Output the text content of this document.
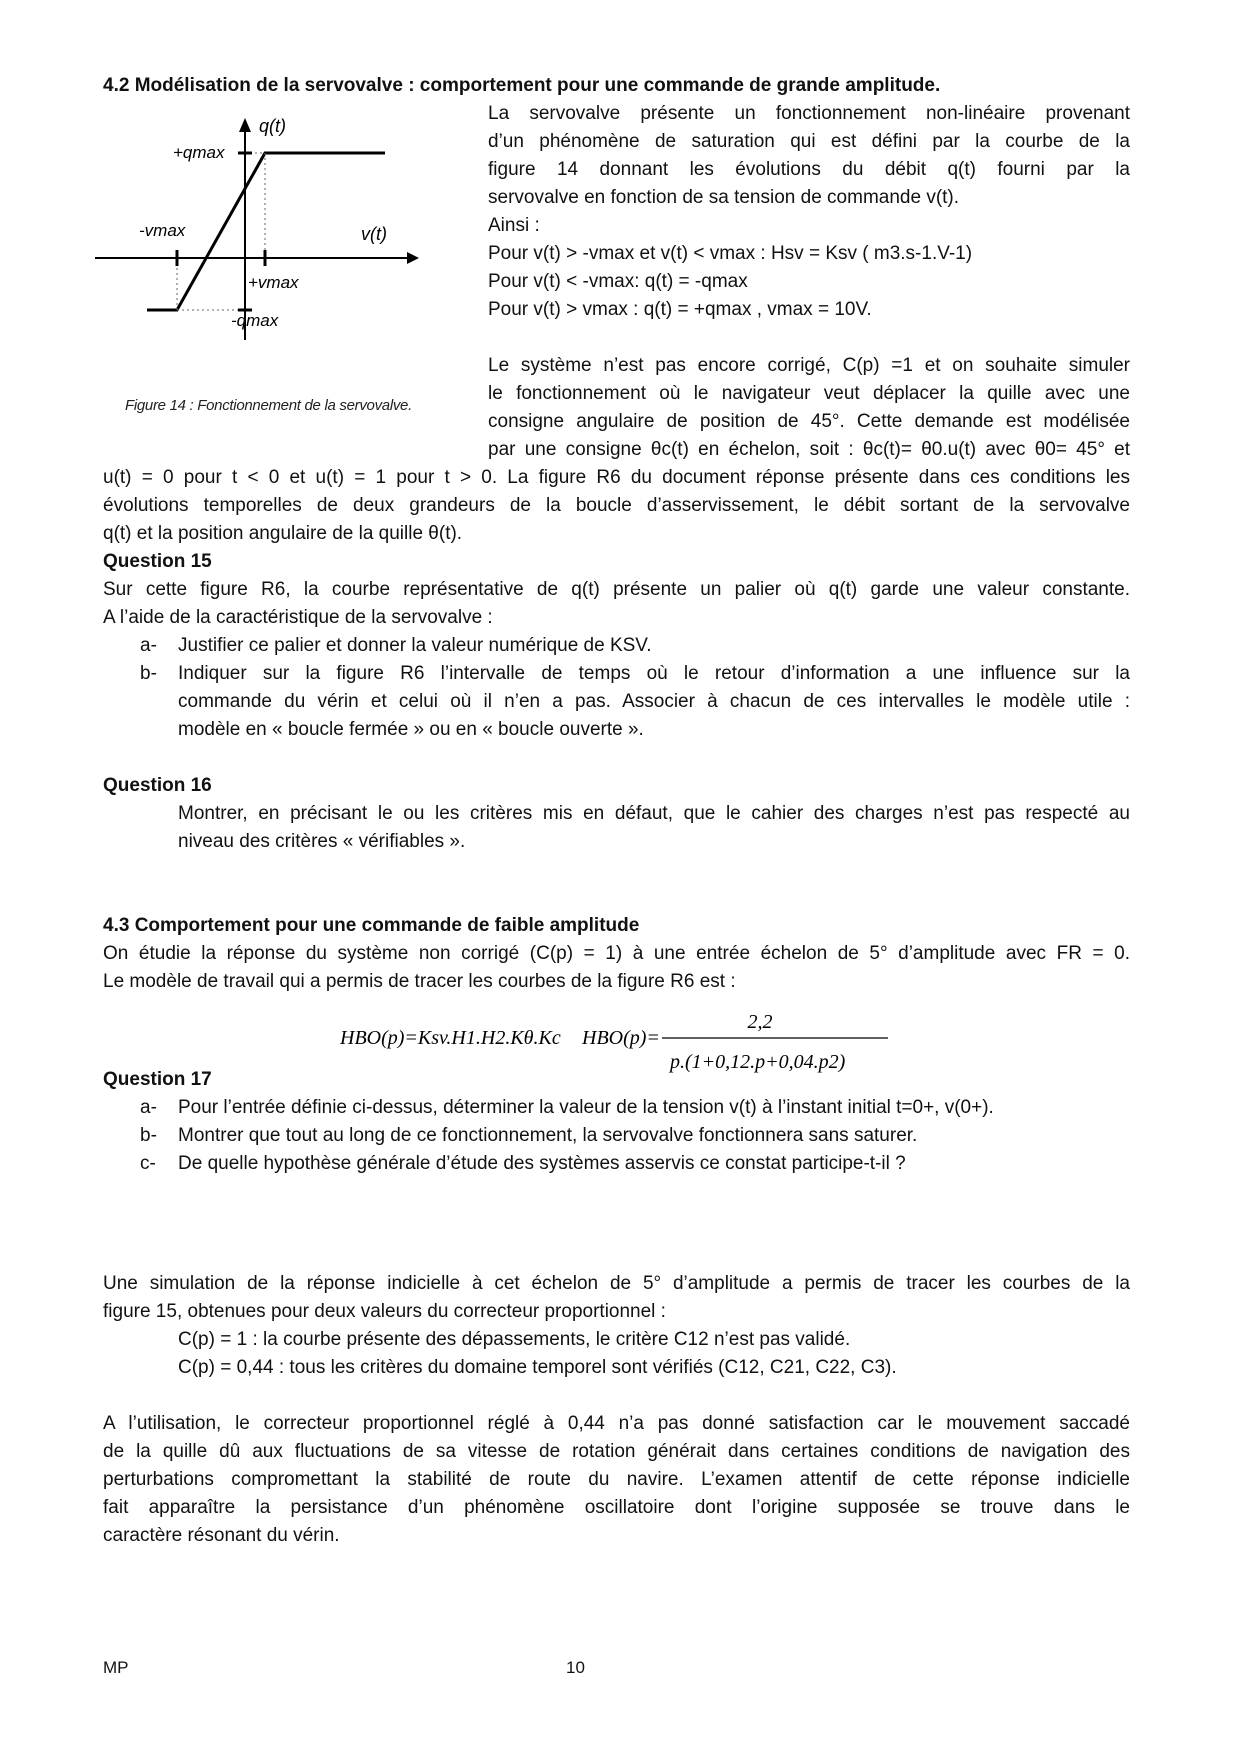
4.2 Modélisation de la servovalve : comportement pour une commande de grande amplitude.
q(t)
v(t)
+qmax
-qmax
-vmax
+vmax
Figure 14 : Fonctionnement de la servovalve.
La servovalve présente un fonctionnement non-linéaire provenant
d’un phénomène de saturation qui est défini par la courbe de la
figure 14 donnant les évolutions du débit q(t) fourni par la
servovalve en fonction de sa tension de commande v(t).
Ainsi :
Pour v(t) > -vmax et v(t) < vmax : Hsv = Ksv ( m3.s-1.V-1)
Pour v(t) < -vmax: q(t) = -qmax
Pour v(t) > vmax : q(t) = +qmax , vmax = 10V.
Le système n’est pas encore corrigé, C(p) =1 et on souhaite simuler
le fonctionnement où le navigateur veut déplacer la quille avec une
consigne angulaire de position de 45°. Cette demande est modélisée
par une consigne θc(t) en échelon, soit : θc(t)= θ0.u(t) avec θ0= 45° et
u(t) = 0 pour t < 0 et u(t) = 1 pour t > 0. La figure R6 du document réponse présente dans ces conditions les
évolutions temporelles de deux grandeurs de la boucle d’asservissement, le débit sortant de la servovalve
q(t) et la position angulaire de la quille θ(t).
Question 15
Sur cette figure R6, la courbe représentative de q(t) présente un palier où q(t) garde une valeur constante.
A l’aide de la caractéristique de la servovalve :
a- Justifier ce palier et donner la valeur numérique de KSV.
b- Indiquer sur la figure R6 l’intervalle de temps où le retour d’information a une influence sur la
commande du vérin et celui où il n’en a pas. Associer à chacun de ces intervalles le modèle utile :
modèle en « boucle fermée » ou en « boucle ouverte ».
Question 16
Montrer, en précisant le ou les critères mis en défaut, que le cahier des charges n’est pas respecté au
niveau des critères « vérifiables ».
4.3 Comportement pour une commande de faible amplitude
On étudie la réponse du système non corrigé (C(p) = 1) à une entrée échelon de 5° d’amplitude avec FR = 0.
Le modèle de travail qui a permis de tracer les courbes de la figure R6 est :
HBO(p)=Ksv.H1.H2.Kθ.Kc HBO(p)=
2,2
p.(1+0,12.p+0,04.p2)
Question 17
a- Pour l’entrée définie ci-dessus, déterminer la valeur de la tension v(t) à l’instant initial t=0+, v(0+).
b- Montrer que tout au long de ce fonctionnement, la servovalve fonctionnera sans saturer.
c- De quelle hypothèse générale d’étude des systèmes asservis ce constat participe-t-il ?
Une simulation de la réponse indicielle à cet échelon de 5° d’amplitude a permis de tracer les courbes de la
figure 15, obtenues pour deux valeurs du correcteur proportionnel :
C(p) = 1 : la courbe présente des dépassements, le critère C12 n’est pas validé.
C(p) = 0,44 : tous les critères du domaine temporel sont vérifiés (C12, C21, C22, C3).
A l’utilisation, le correcteur proportionnel réglé à 0,44 n’a pas donné satisfaction car le mouvement saccadé
de la quille dû aux fluctuations de sa vitesse de rotation générait dans certaines conditions de navigation des
perturbations compromettant la stabilité de route du navire. L’examen attentif de cette réponse indicielle
fait apparaître la persistance d’un phénomène oscillatoire dont l’origine supposée se trouve dans le
caractère résonant du vérin.
MP	10
